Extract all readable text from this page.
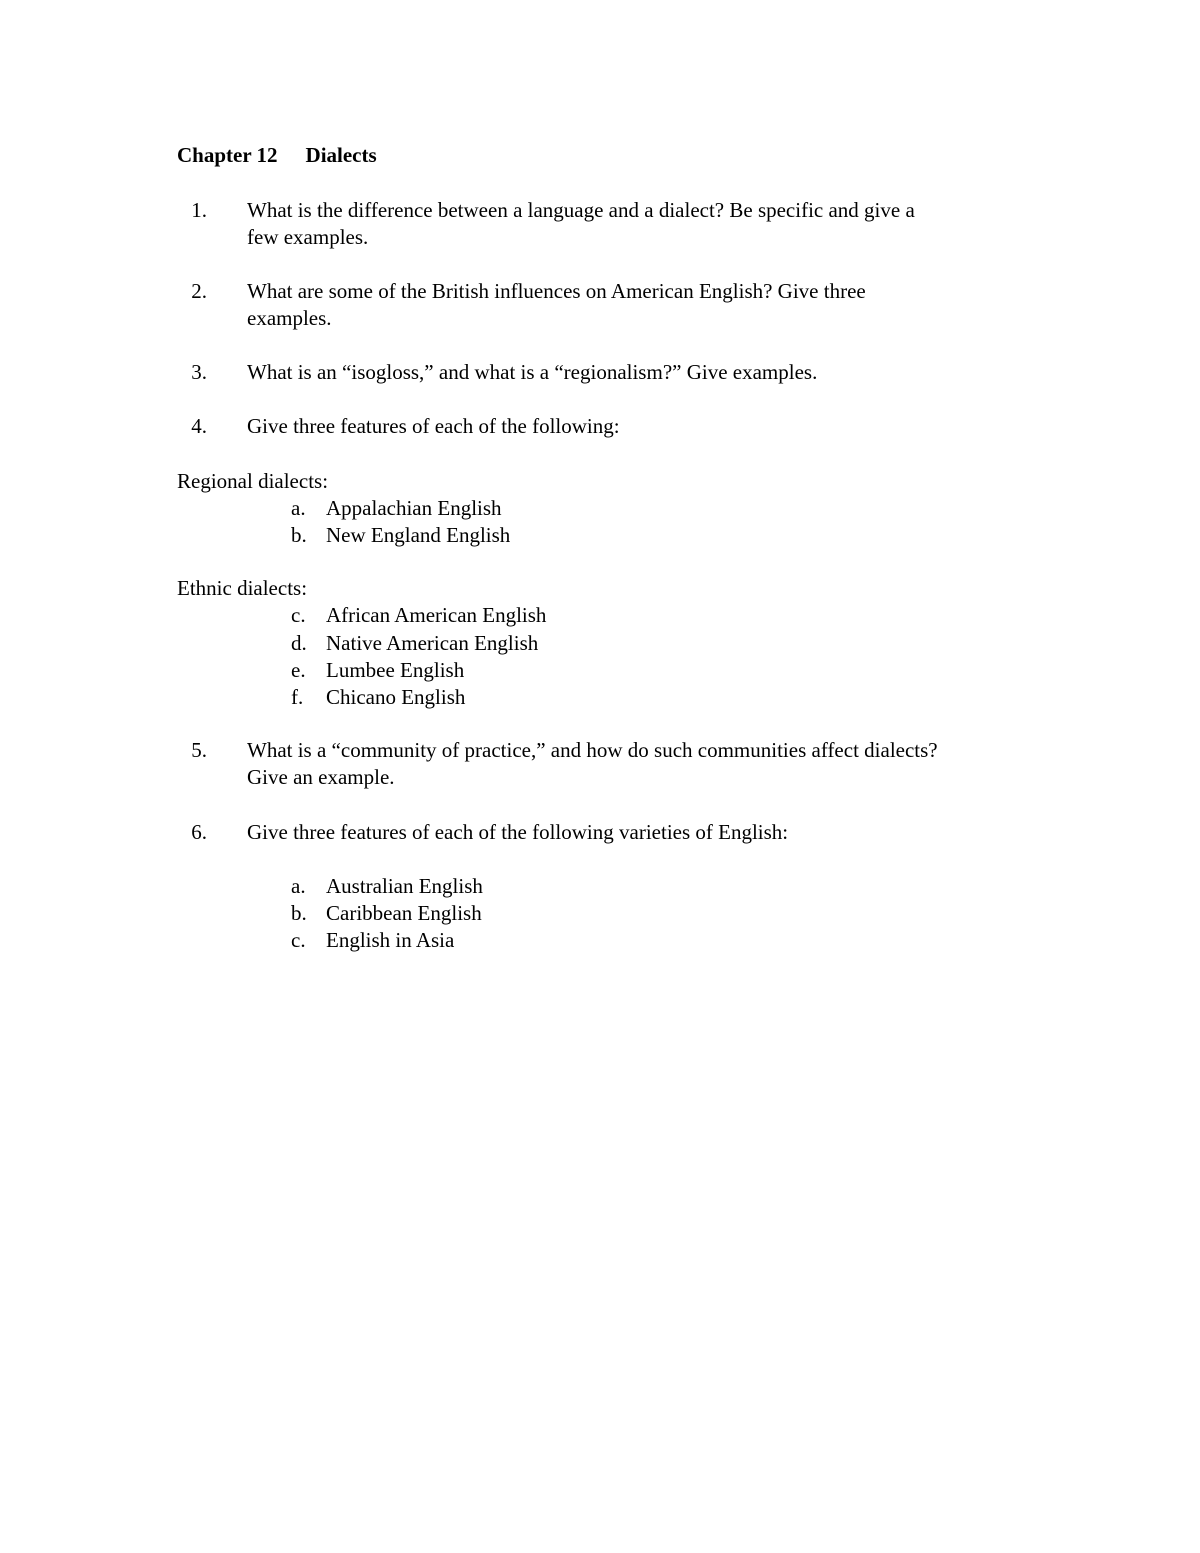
Chapter 12 Dialects
1. What is the difference between a language and a dialect? Be specific and give a
few examples.
2. What are some of the British influences on American English? Give three
examples.
3. What is an “isogloss,” and what is a “regionalism?” Give examples.
4. Give three features of each of the following:
Regional dialects:
a. Appalachian English
b. New England English
Ethnic dialects:
c. African American English
d. Native American English
e. Lumbee English
f. Chicano English
5. What is a “community of practice,” and how do such communities affect dialects?
Give an example.
6. Give three features of each of the following varieties of English:
a. Australian English
b. Caribbean English
c. English in Asia
